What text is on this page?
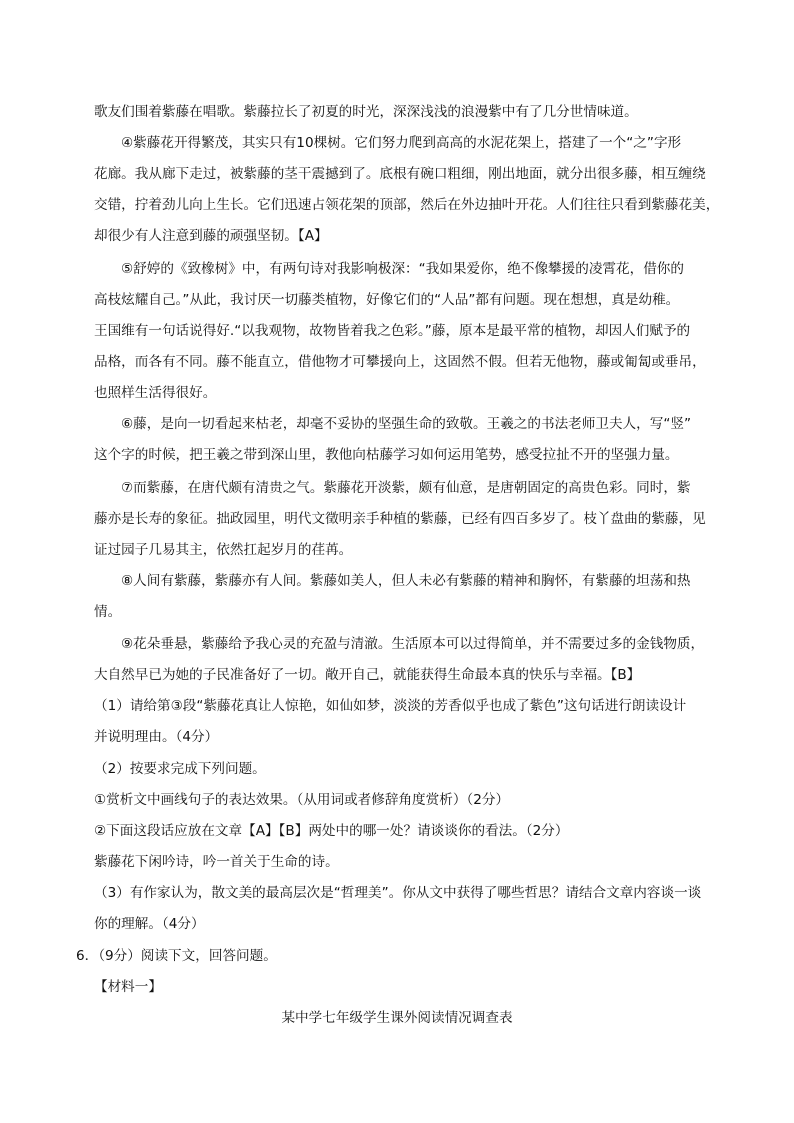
歌友们围着紫藤在唱歌。紫藤拉长了初夏的时光，深深浅浅的浪漫紫中有了几分世情味道。
④紫藤花开得繁茂，其实只有10棵树。它们努力爬到高高的水泥花架上，搭建了一个“之”字形
花廊。我从廊下走过，被紫藤的茎干震撼到了。底根有碗口粗细，刚出地面，就分出很多藤，相互缠绕
交错，拧着劲儿向上生长。它们迅速占领花架的顶部，然后在外边抽叶开花。人们往往只看到紫藤花美，
却很少有人注意到藤的顽强坚韧。【A】
⑤舒婷的《致橡树》中，有两句诗对我影响极深：“我如果爱你，绝不像攀援的凌霄花，借你的
高枝炫耀自己。”从此，我讨厌一切藤类植物，好像它们的“人品”都有问题。现在想想，真是幼稚。
王国维有一句话说得好.“以我观物，故物皆着我之色彩。”藤，原本是最平常的植物，却因人们赋予的
品格，而各有不同。藤不能直立，借他物才可攀援向上，这固然不假。但若无他物，藤或匍匐或垂吊，
也照样生活得很好。
⑥藤，是向一切看起来枯老，却毫不妥协的坚强生命的致敬。王羲之的书法老师卫夫人，写“竖”
这个字的时候，把王羲之带到深山里，教他向枯藤学习如何运用笔势，感受拉扯不开的坚强力量。
⑦而紫藤，在唐代颇有清贵之气。紫藤花开淡紫，颇有仙意，是唐朝固定的高贵色彩。同时，紫
藤亦是长寿的象征。拙政园里，明代文徵明亲手种植的紫藤，已经有四百多岁了。枝丫盘曲的紫藤，见
证过园子几易其主，依然扛起岁月的荏苒。
⑧人间有紫藤，紫藤亦有人间。紫藤如美人，但人未必有紫藤的精神和胸怀，有紫藤的坦荡和热
情。
⑨花朵垂悬，紫藤给予我心灵的充盈与清澈。生活原本可以过得简单，并不需要过多的金钱物质，
大自然早已为她的子民准备好了一切。敞开自己，就能获得生命最本真的快乐与幸福。【B】
（1）请给第③段“紫藤花真让人惊艳，如仙如梦，淡淡的芳香似乎也成了紫色”这句话进行朗读设计
并说明理由。（4分）
（2）按要求完成下列问题。
①赏析文中画线句子的表达效果。（从用词或者修辞角度赏析）（2分）
②下面这段话应放在文章【A】【B】两处中的哪一处？请谈谈你的看法。（2分）
紫藤花下闲吟诗，吟一首关于生命的诗。
（3）有作家认为，散文美的最高层次是“哲理美”。你从文中获得了哪些哲思？请结合文章内容谈一谈
你的理解。（4分）
6．（9分）阅读下文，回答问题。
【材料一】
某中学七年级学生课外阅读情况调查表
